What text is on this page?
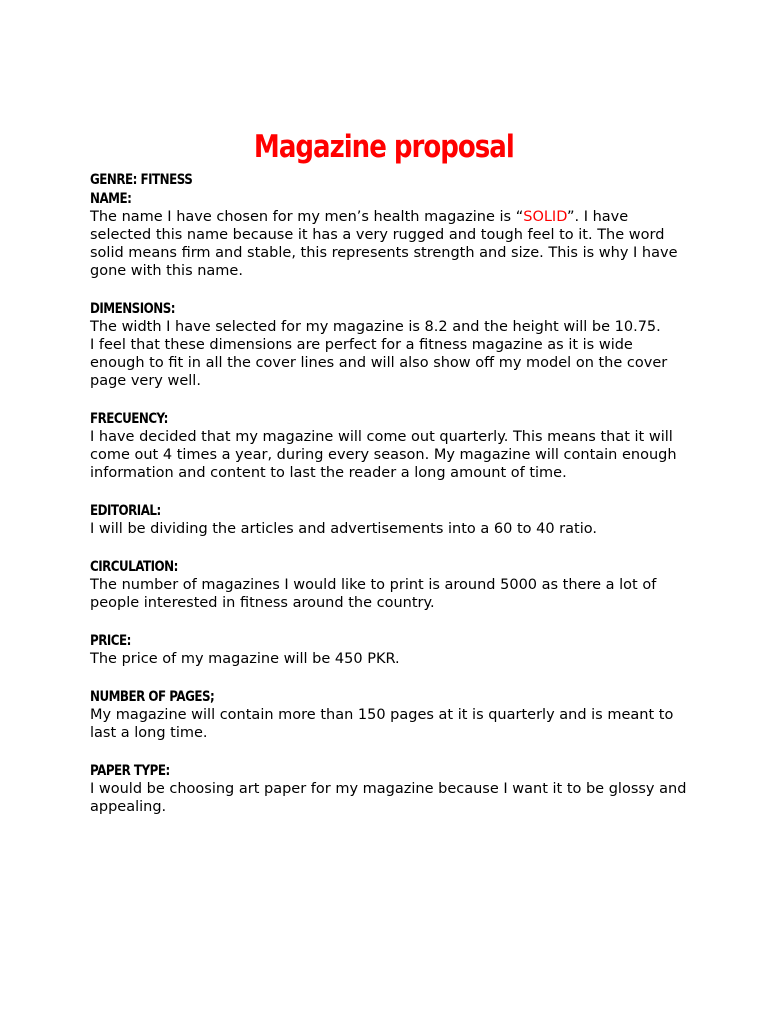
Magazine proposal
GENRE: FITNESS
NAME:

The name I have chosen for my men’s health magazine is “SOLID”. I have selected this name because it has a very rugged and tough feel to it. The word solid means firm and stable, this represents strength and size. This is why I have gone with this name.

DIMENSIONS:

The width I have selected for my magazine is 8.2 and the height will be 10.75.

I feel that these dimensions are perfect for a fitness magazine as it is wide enough to fit in all the cover lines and will also show off my model on the cover page very well.

FRECUENCY:

I have decided that my magazine will come out quarterly. This means that it will come out 4 times a year, during every season. My magazine will contain enough information and content to last the reader a long amount of time.

EDITORIAL:

I will be dividing the articles and advertisements into a 60 to 40 ratio.

CIRCULATION:

The number of magazines I would like to print is around 5000 as there a lot of people interested in fitness around the country.

PRICE:

The price of my magazine will be 450 PKR.

NUMBER OF PAGES;

My magazine will contain more than 150 pages at it is quarterly and is meant to last a long time.

PAPER TYPE:

I would be choosing art paper for my magazine because I want it to be glossy and appealing.
